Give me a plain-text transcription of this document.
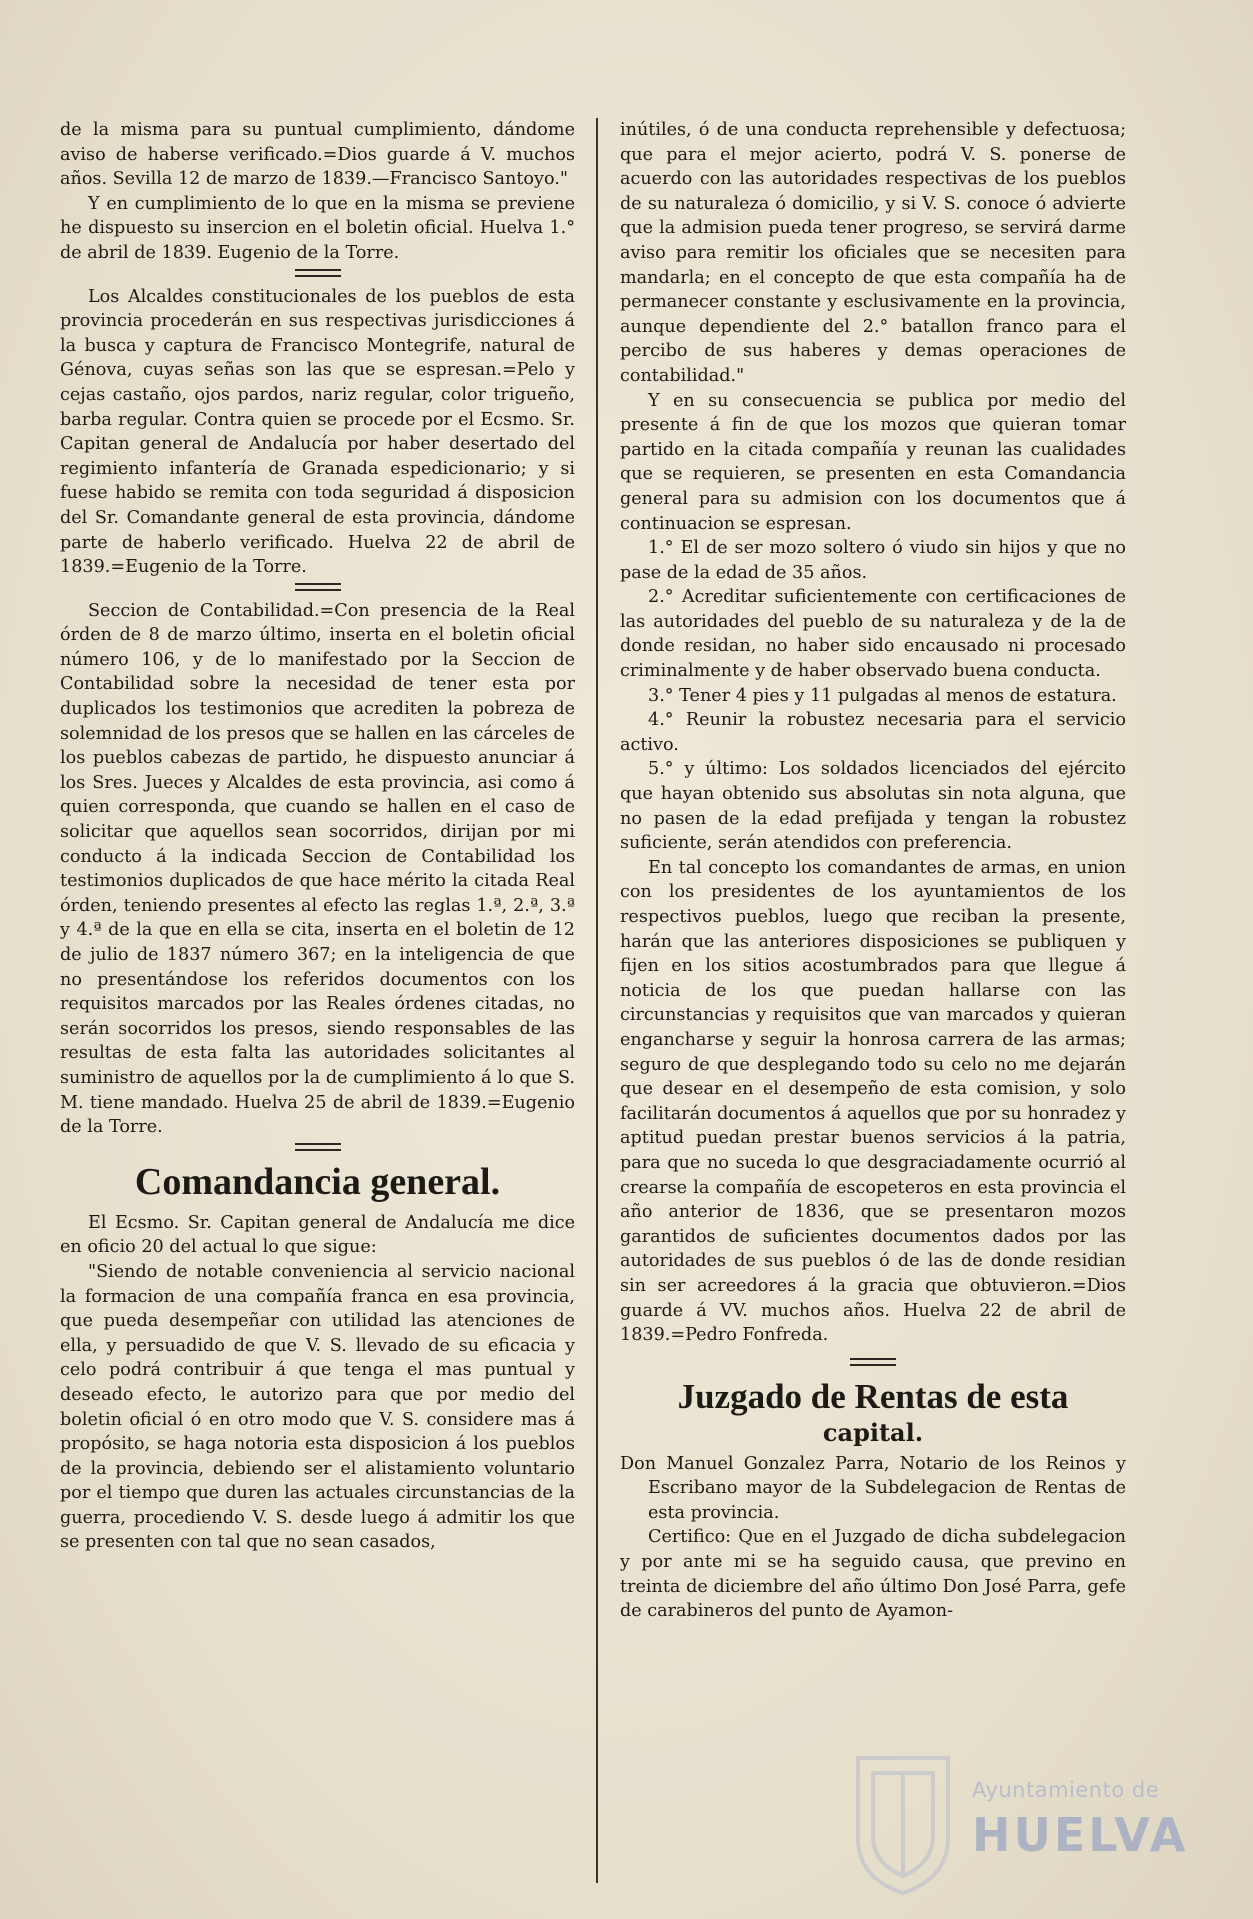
de la misma para su puntual cumplimiento, dándome aviso de haberse verificado.=Dios guarde á V. muchos años. Sevilla 12 de marzo de 1839.—Francisco Santoyo."

Y en cumplimiento de lo que en la misma se previene he dispuesto su insercion en el boletin oficial. Huelva 1.° de abril de 1839. Eugenio de la Torre.

Los Alcaldes constitucionales de los pueblos de esta provincia procederán en sus respectivas jurisdicciones á la busca y captura de Francisco Montegrife, natural de Génova, cuyas señas son las que se espresan.=Pelo y cejas castaño, ojos pardos, nariz regular, color trigueño, barba regular. Contra quien se procede por el Ecsmo. Sr. Capitan general de Andalucía por haber desertado del regimiento infantería de Granada espedicionario; y si fuese habido se remita con toda seguridad á disposicion del Sr. Comandante general de esta provincia, dándome parte de haberlo verificado. Huelva 22 de abril de 1839.=Eugenio de la Torre.

Seccion de Contabilidad.=Con presencia de la Real órden de 8 de marzo último, inserta en el boletin oficial número 106, y de lo manifestado por la Seccion de Contabilidad sobre la necesidad de tener esta por duplicados los testimonios que acrediten la pobreza de solemnidad de los presos que se hallen en las cárceles de los pueblos cabezas de partido, he dispuesto anunciar á los Sres. Jueces y Alcaldes de esta provincia, asi como á quien corresponda, que cuando se hallen en el caso de solicitar que aquellos sean socorridos, dirijan por mi conducto á la indicada Seccion de Contabilidad los testimonios duplicados de que hace mérito la citada Real órden, teniendo presentes al efecto las reglas 1.ª, 2.ª, 3.ª y 4.ª de la que en ella se cita, inserta en el boletin de 12 de julio de 1837 número 367; en la inteligencia de que no presentándose los referidos documentos con los requisitos marcados por las Reales órdenes citadas, no serán socorridos los presos, siendo responsables de las resultas de esta falta las autoridades solicitantes al suministro de aquellos por la de cumplimiento á lo que S. M. tiene mandado. Huelva 25 de abril de 1839.=Eugenio de la Torre.

Comandancia general.

El Ecsmo. Sr. Capitan general de Andalucía me dice en oficio 20 del actual lo que sigue:

"Siendo de notable conveniencia al servicio nacional la formacion de una compañía franca en esa provincia, que pueda desempeñar con utilidad las atenciones de ella, y persuadido de que V. S. llevado de su eficacia y celo podrá contribuir á que tenga el mas puntual y deseado efecto, le autorizo para que por medio del boletin oficial ó en otro modo que V. S. considere mas á propósito, se haga notoria esta disposicion á los pueblos de la provincia, debiendo ser el alistamiento voluntario por el tiempo que duren las actuales circunstancias de la guerra, procediendo V. S. desde luego á admitir los que se presenten con tal que no sean casados,

inútiles, ó de una conducta reprehensible y defectuosa; que para el mejor acierto, podrá V. S. ponerse de acuerdo con las autoridades respectivas de los pueblos de su naturaleza ó domicilio, y si V. S. conoce ó advierte que la admision pueda tener progreso, se servirá darme aviso para remitir los oficiales que se necesiten para mandarla; en el concepto de que esta compañía ha de permanecer constante y esclusivamente en la provincia, aunque dependiente del 2.° batallon franco para el percibo de sus haberes y demas operaciones de contabilidad."

Y en su consecuencia se publica por medio del presente á fin de que los mozos que quieran tomar partido en la citada compañía y reunan las cualidades que se requieren, se presenten en esta Comandancia general para su admision con los documentos que á continuacion se espresan.

1.° El de ser mozo soltero ó viudo sin hijos y que no pase de la edad de 35 años.

2.° Acreditar suficientemente con certificaciones de las autoridades del pueblo de su naturaleza y de la de donde residan, no haber sido encausado ni procesado criminalmente y de haber observado buena conducta.

3.° Tener 4 pies y 11 pulgadas al menos de estatura.

4.° Reunir la robustez necesaria para el servicio activo.

5.° y último: Los soldados licenciados del ejército que hayan obtenido sus absolutas sin nota alguna, que no pasen de la edad prefijada y tengan la robustez suficiente, serán atendidos con preferencia.

En tal concepto los comandantes de armas, en union con los presidentes de los ayuntamientos de los respectivos pueblos, luego que reciban la presente, harán que las anteriores disposiciones se publiquen y fijen en los sitios acostumbrados para que llegue á noticia de los que puedan hallarse con las circunstancias y requisitos que van marcados y quieran engancharse y seguir la honrosa carrera de las armas; seguro de que desplegando todo su celo no me dejarán que desear en el desempeño de esta comision, y solo facilitarán documentos á aquellos que por su honradez y aptitud puedan prestar buenos servicios á la patria, para que no suceda lo que desgraciadamente ocurrió al crearse la compañía de escopeteros en esta provincia el año anterior de 1836, que se presentaron mozos garantidos de suficientes documentos dados por las autoridades de sus pueblos ó de las de donde residian sin ser acreedores á la gracia que obtuvieron.=Dios guarde á VV. muchos años. Huelva 22 de abril de 1839.=Pedro Fonfreda.

Juzgado de Rentas de esta
capital.

Don Manuel Gonzalez Parra, Notario de los Reinos y Escribano mayor de la Subdelegacion de Rentas de esta provincia.

Certifico: Que en el Juzgado de dicha subdelegacion y por ante mi se ha seguido causa, que previno en treinta de diciembre del año último Don José Parra, gefe de carabineros del punto de Ayamon-

Ayuntamiento de
HUELVA
